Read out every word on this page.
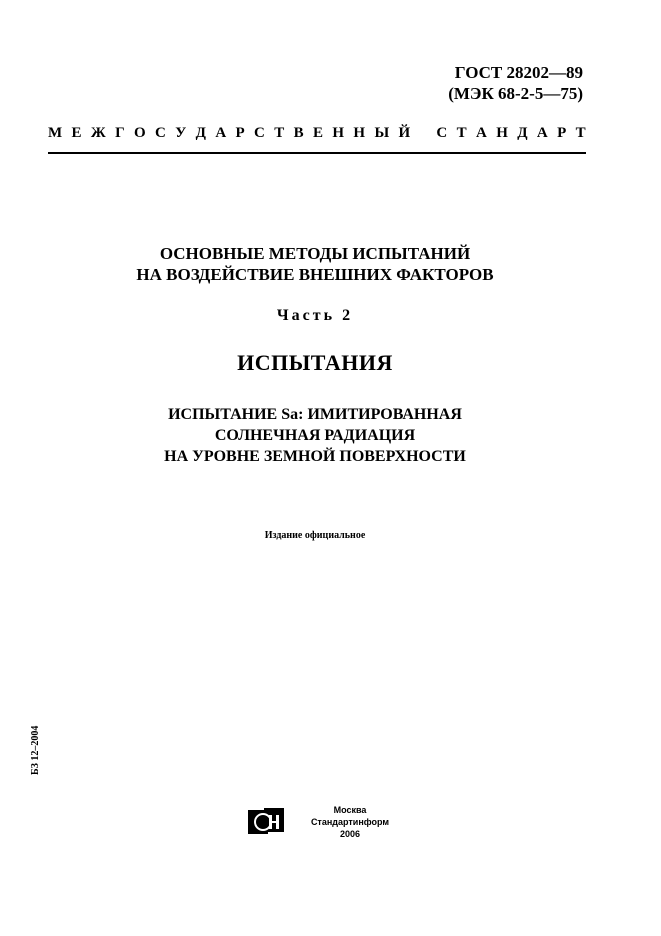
ГОСТ 28202—89
(МЭК 68-2-5—75)
М Е Ж Г О С У Д А Р С Т В Е Н Н Ы Й
С Т А Н Д А Р Т
ОСНОВНЫЕ МЕТОДЫ ИСПЫТАНИЙ
НА ВОЗДЕЙСТВИЕ ВНЕШНИХ ФАКТОРОВ
Часть 2
ИСПЫТАНИЯ
ИСПЫТАНИЕ Sa: ИМИТИРОВАННАЯ
СОЛНЕЧНАЯ РАДИАЦИЯ
НА УРОВНЕ ЗЕМНОЙ ПОВЕРХНОСТИ
Издание официальное
БЗ 12–2004
Москва
Стандартинформ
2006
